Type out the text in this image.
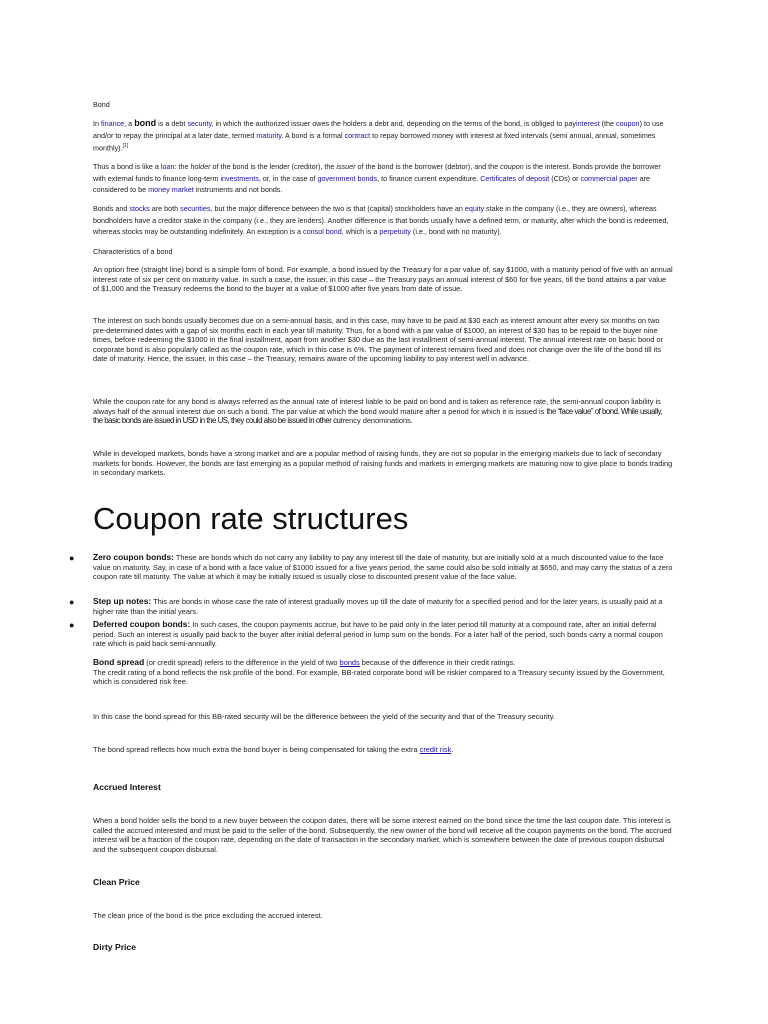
Bond

In finance, a bond is a debt security, in which the authorized issuer owes the holders a debt and, depending on the terms of the bond, is obliged to payinterest (the coupon) to use and/or to repay the principal at a later date, termed maturity. A bond is a formal contract to repay borrowed money with interest at fixed intervals (semi annual, annual, sometimes monthly).[1]

Thus a bond is like a loan: the holder of the bond is the lender (creditor), the issuer of the bond is the borrower (debtor), and the coupon is the interest. Bonds provide the borrower with external funds to finance long-term investments, or, in the case of government bonds, to finance current expenditure. Certificates of deposit (CDs) or commercial paper are considered to be money market instruments and not bonds.

Bonds and stocks are both securities, but the major difference between the two is that (capital) stockholders have an equity stake in the company (i.e., they are owners), whereas bondholders have a creditor stake in the company (i.e., they are lenders). Another difference is that bonds usually have a defined term, or maturity, after which the bond is redeemed, whereas stocks may be outstanding indefinitely. An exception is a consol bond, which is a perpetuity (i.e., bond with no maturity).

Characteristics of a bond

An option free (straight line) bond is a simple form of bond. For example, a bond issued by the Treasury for a par value of, say $1000, with a maturity period of five with an annual interest rate of six per cent on maturity value. In such a case, the issuer, in this case – the Treasury pays an annual interest of $60 for five years, till the bond attains a par value of $1,000 and the Treasury redeems the bond to the buyer at a value of $1000 after five years from date of issue.

The interest on such bonds usually becomes due on a semi-annual basis, and in this case, may have to be paid at $30 each as interest amount after every six months on two pre-determined dates with a gap of six months each in each year till maturity. Thus, for a bond with a par value of $1000, an interest of $30 has to be repaid to the buyer nine times, before redeeming the $1000 in the final installment, apart from another $30 due as the last installment of semi-annual interest. The annual interest rate on basic bond or corporate bond is also popularly called as the coupon rate, which in this case is 6%. The payment of interest remains fixed and does not change over the life of the bond till its date of maturity. Hence, the issuer, in this case – the Treasury, remains aware of the upcoming liability to pay interest well in advance.

While the coupon rate for any bond is always referred as the annual rate of interest liable to be paid on bond and is taken as reference rate, the semi-annual coupon liability is always half of the annual interest due on such a bond. The par value at which the bond would mature after a period for which it is issued is the “face value” of bond. While usually, the basic bonds are issued in USD in the US, they could also be issued in other currency denominations.

While in developed markets, bonds have a strong market and are a popular method of raising funds, they are not so popular in the emerging markets due to lack of secondary markets for bonds. However, the bonds are fast emerging as a popular method of raising funds and markets in emerging markets are maturing now to give place to bonds trading in secondary markets.

Coupon rate structures
● Zero coupon bonds: These are bonds which do not carry any liability to pay any interest till the date of maturity, but are initially sold at a much discounted value to the face value on maturity. Say, in case of a bond with a face value of $1000 issued for a five years period, the same could also be sold initially at $650, and may carry the status of a zero coupon rate till maturity. The value at which it may be initially issued is usually close to discounted present value of the face value.
● Step up notes: This are bonds in whose case the rate of interest gradually moves up till the date of maturity for a specified period and for the later years, is usually paid at a higher rate than the initial years.
● Deferred coupon bonds: In such cases, the coupon payments accrue, but have to be paid only in the later period till maturity at a compound rate, after an initial deferral period. Such an interest is usually paid back to the buyer after initial deferral period in lump sum on the bonds. For a later half of the period, such bonds carry a normal coupon rate which is paid back semi-annually.

Bond spread (or credit spread) refers to the difference in the yield of two bonds because of the difference in their credit ratings.
The credit rating of a bond reflects the risk profile of the bond. For example, BB-rated corporate bond will be riskier compared to a Treasury security issued by the Government, which is considered risk free.

In this case the bond spread for this BB-rated security will be the difference between the yield of the security and that of the Treasury security.

The bond spread reflects how much extra the bond buyer is being compensated for taking the extra credit risk.

Accrued Interest

When a bond holder sells the bond to a new buyer between the coupon dates, there will be some interest earned on the bond since the time the last coupon date. This interest is called the accrued interested and must be paid to the seller of the bond. Subsequently, the new owner of the bond will receive all the coupon payments on the bond. The accrued interest will be a fraction of the coupon rate, depending on the date of transaction in the secondary market, which is somewhere between the date of previous coupon disbursal and the subsequent coupon disbursal.

Clean Price

The clean price of the bond is the price excluding the accrued interest.

Dirty Price
